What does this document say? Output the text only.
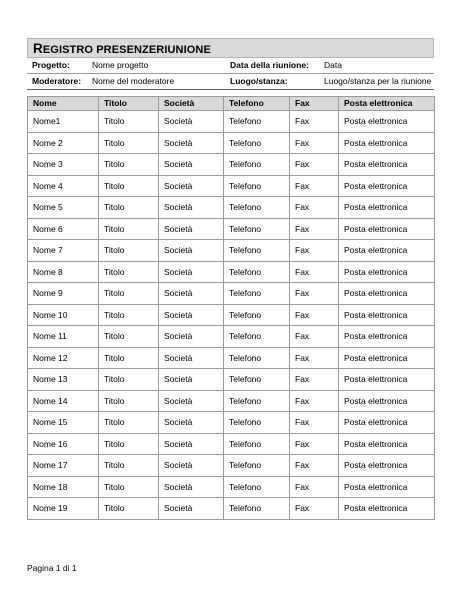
REGISTRO PRESENZERIUNIONE
Progetto:	Nome progetto	Data della riunione:	Data
Moderatore:	Nome del moderatore	Luogo/stanza:	Luogo/stanza per la riunione
Nome	Titolo	Società	Telefono	Fax	Posta elettronica
Nome1	Titolo	Società	Telefono	Fax	Posta elettronica
Nome 2	Titolo	Società	Telefono	Fax	Posta elettronica
Nome 3	Titolo	Società	Telefono	Fax	Posta elettronica
Nome 4	Titolo	Società	Telefono	Fax	Posta elettronica
Nome 5	Titolo	Società	Telefono	Fax	Posta elettronica
Nome 6	Titolo	Società	Telefono	Fax	Posta elettronica
Nome 7	Titolo	Società	Telefono	Fax	Posta elettronica
Nome 8	Titolo	Società	Telefono	Fax	Posta elettronica
Nome 9	Titolo	Società	Telefono	Fax	Posta elettronica
Nome 10	Titolo	Società	Telefono	Fax	Posta elettronica
Nome 11	Titolo	Società	Telefono	Fax	Posta elettronica
Nome 12	Titolo	Società	Telefono	Fax	Posta elettronica
Nome 13	Titolo	Società	Telefono	Fax	Posta elettronica
Nome 14	Titolo	Società	Telefono	Fax	Posta elettronica
Nome 15	Titolo	Società	Telefono	Fax	Posta elettronica
Nome 16	Titolo	Società	Telefono	Fax	Posta elettronica
Nome 17	Titolo	Società	Telefono	Fax	Posta elettronica
Nome 18	Titolo	Società	Telefono	Fax	Posta elettronica
Nome 19	Titolo	Società	Telefono	Fax	Posta elettronica
Pagina 1 di 1
